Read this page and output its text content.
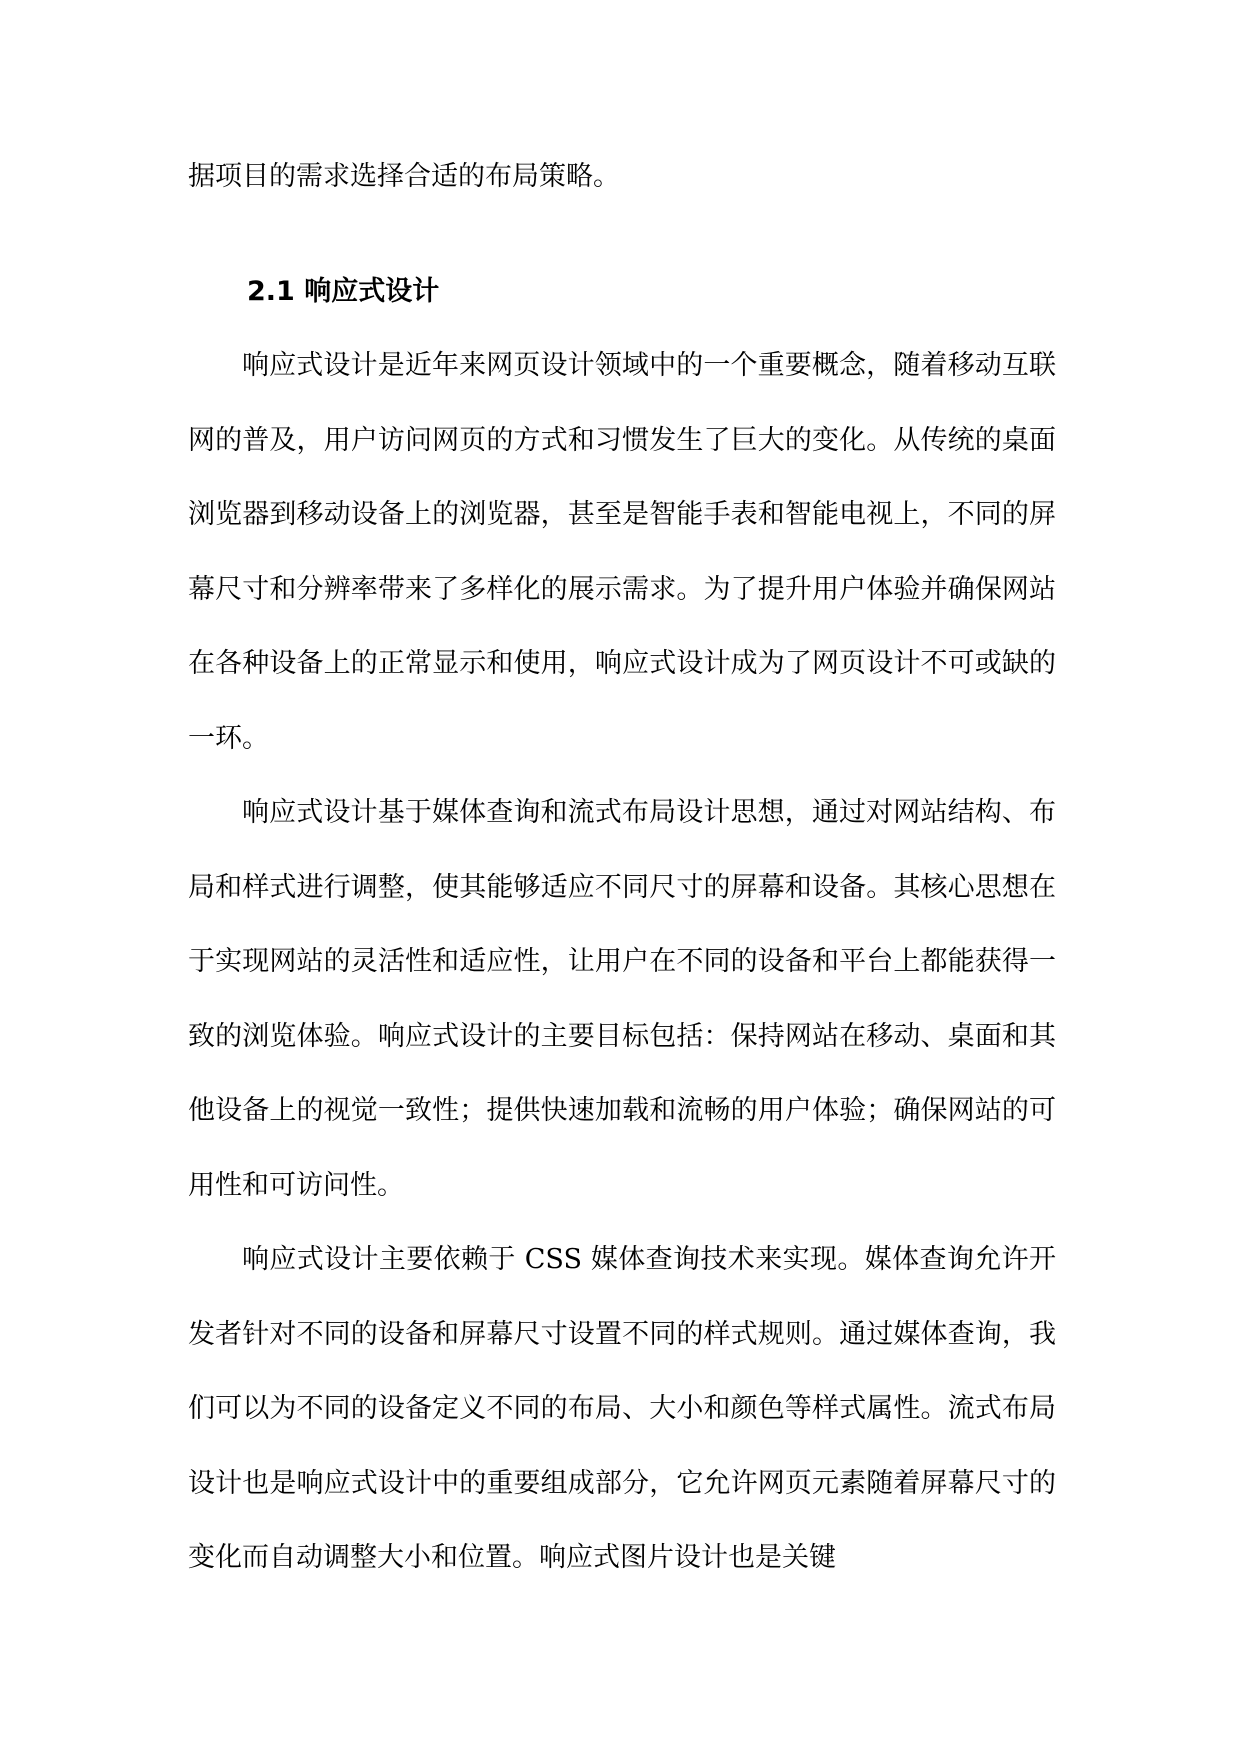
据项目的需求选择合适的布局策略。

2.1 响应式设计

响应式设计是近年来网页设计领域中的一个重要概念，随着移动互联网的普及，用户访问网页的方式和习惯发生了巨大的变化。从传统的桌面浏览器到移动设备上的浏览器，甚至是智能手表和智能电视上，不同的屏幕尺寸和分辨率带来了多样化的展示需求。为了提升用户体验并确保网站在各种设备上的正常显示和使用，响应式设计成为了网页设计不可或缺的一环。

响应式设计基于媒体查询和流式布局设计思想，通过对网站结构、布局和样式进行调整，使其能够适应不同尺寸的屏幕和设备。其核心思想在于实现网站的灵活性和适应性，让用户在不同的设备和平台上都能获得一致的浏览体验。响应式设计的主要目标包括：保持网站在移动、桌面和其他设备上的视觉一致性；提供快速加载和流畅的用户体验；确保网站的可用性和可访问性。

响应式设计主要依赖于 CSS 媒体查询技术来实现。媒体查询允许开发者针对不同的设备和屏幕尺寸设置不同的样式规则。通过媒体查询，我们可以为不同的设备定义不同的布局、大小和颜色等样式属性。流式布局设计也是响应式设计中的重要组成部分，它允许网页元素随着屏幕尺寸的变化而自动调整大小和位置。响应式图片设计也是关键
